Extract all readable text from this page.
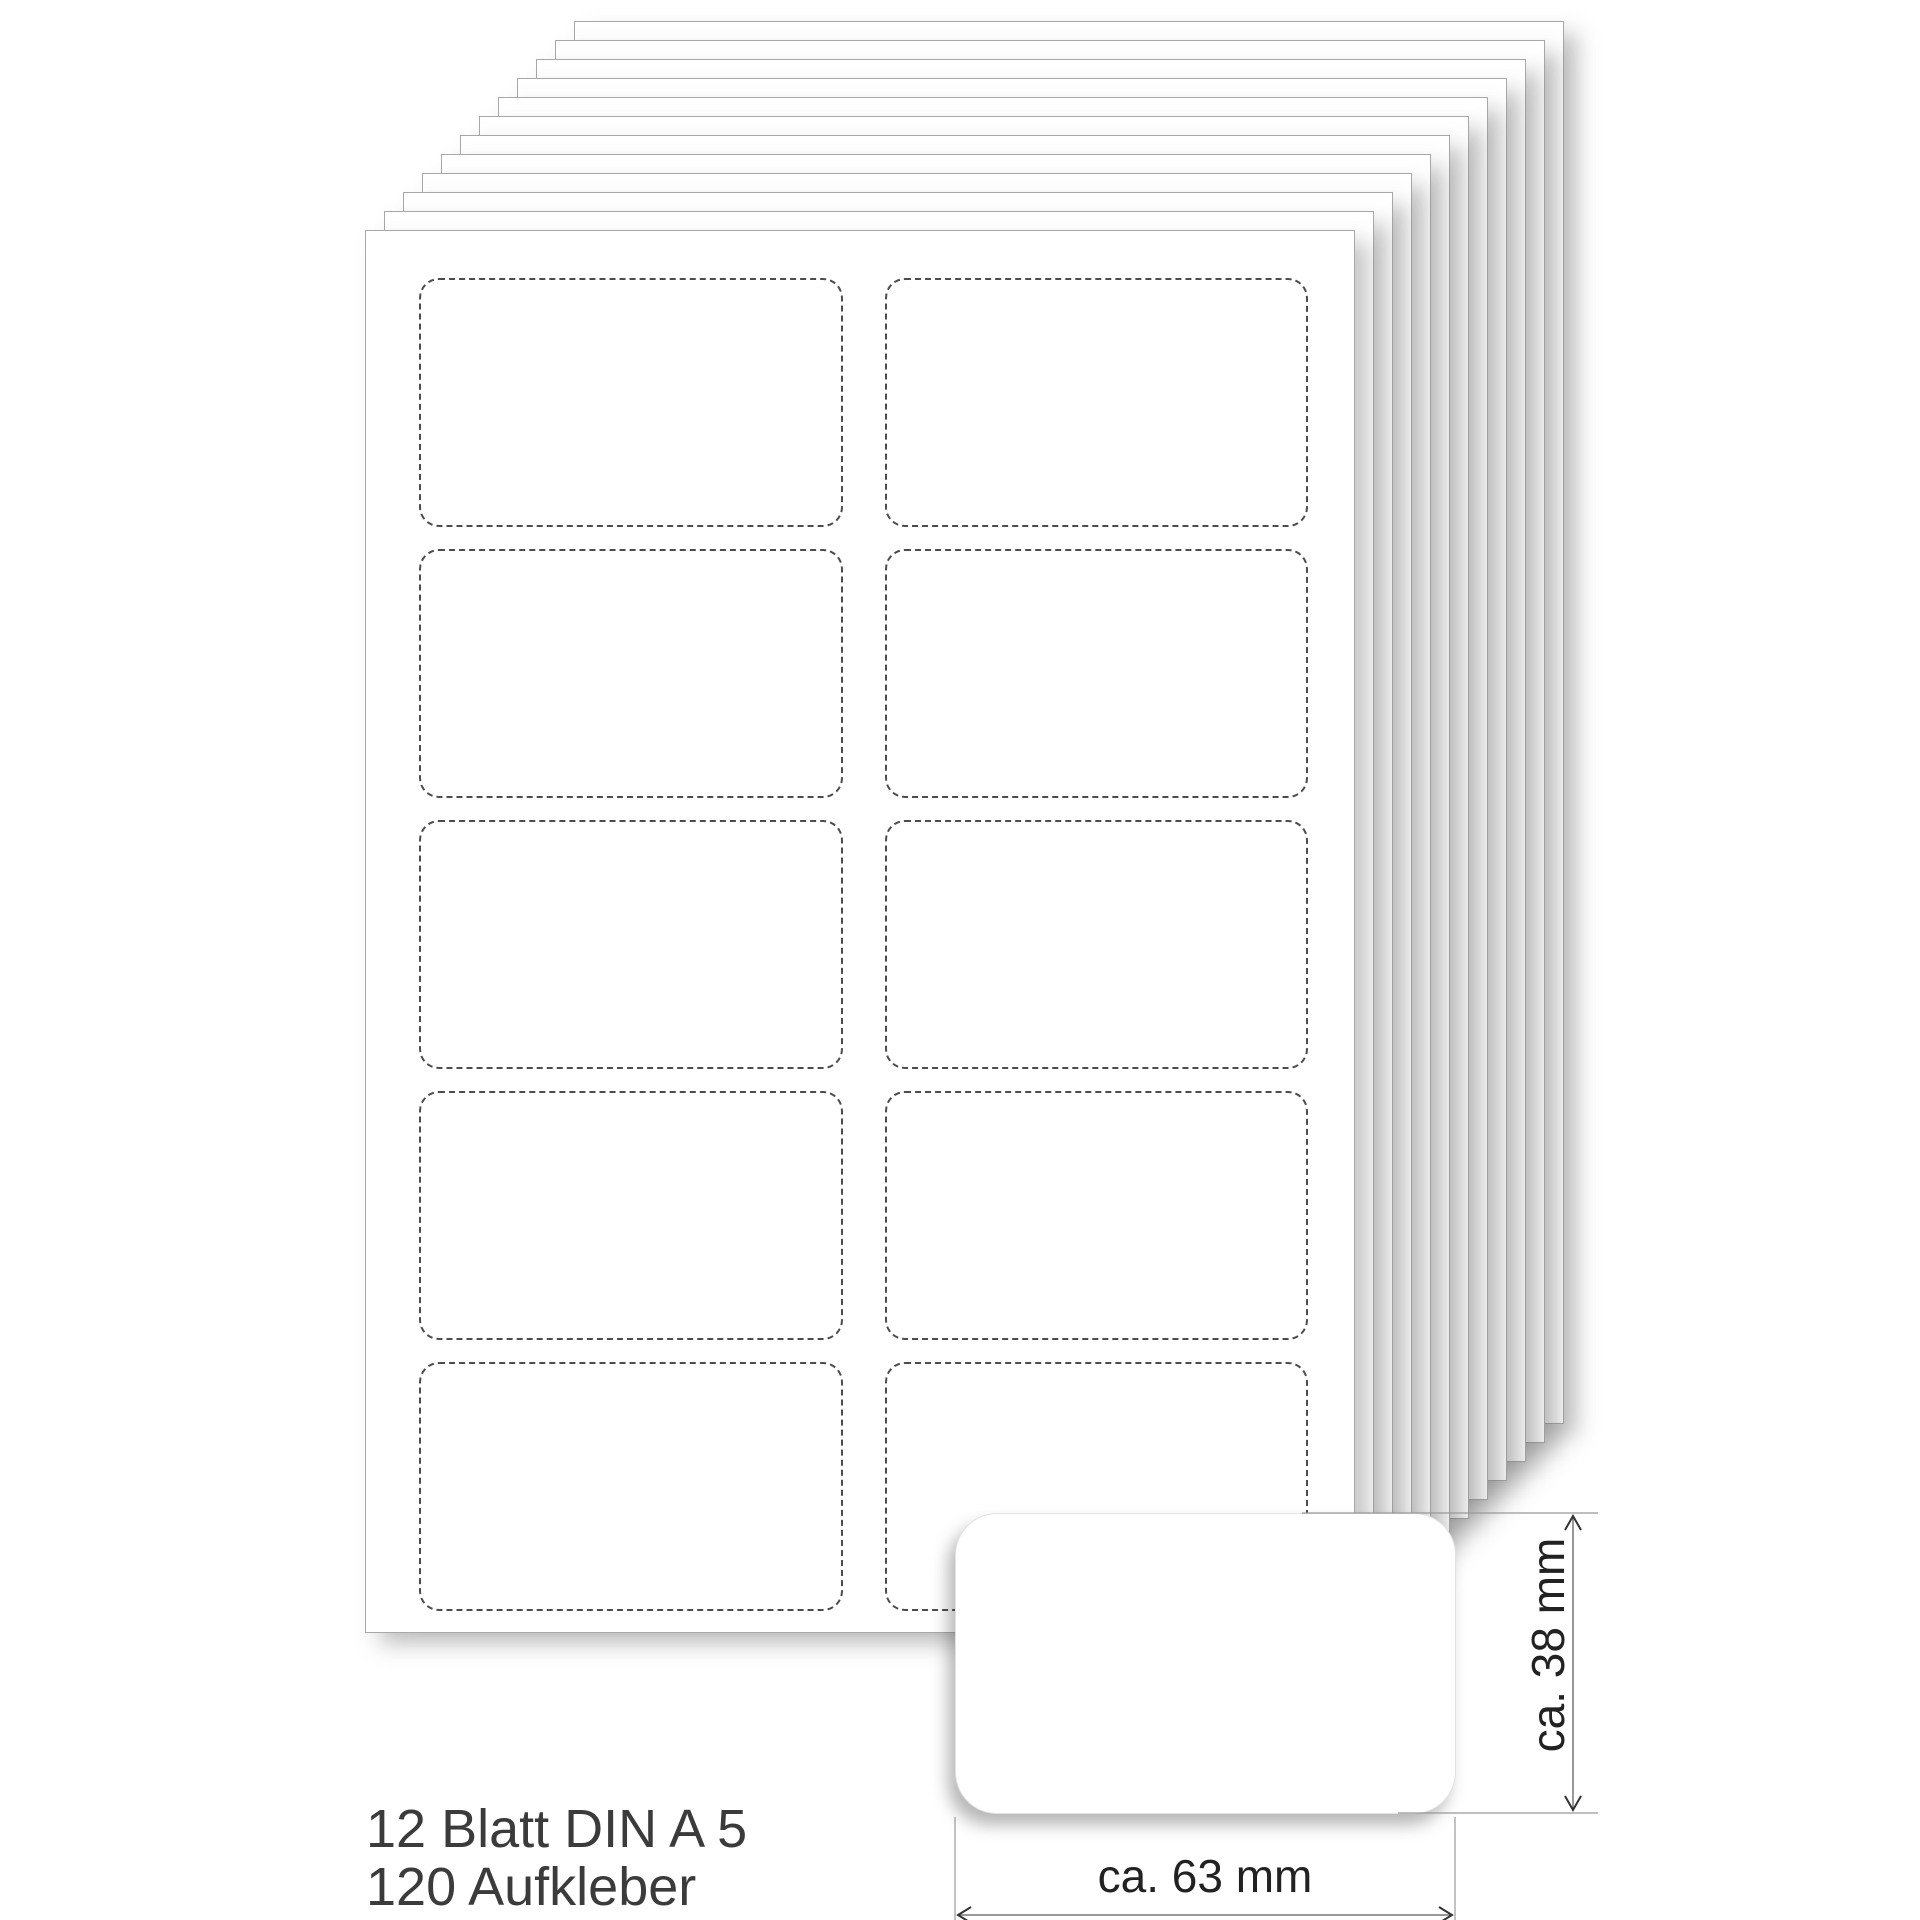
ca. 38 mm
ca. 63 mm
12 Blatt DIN A 5
120 Aufkleber
